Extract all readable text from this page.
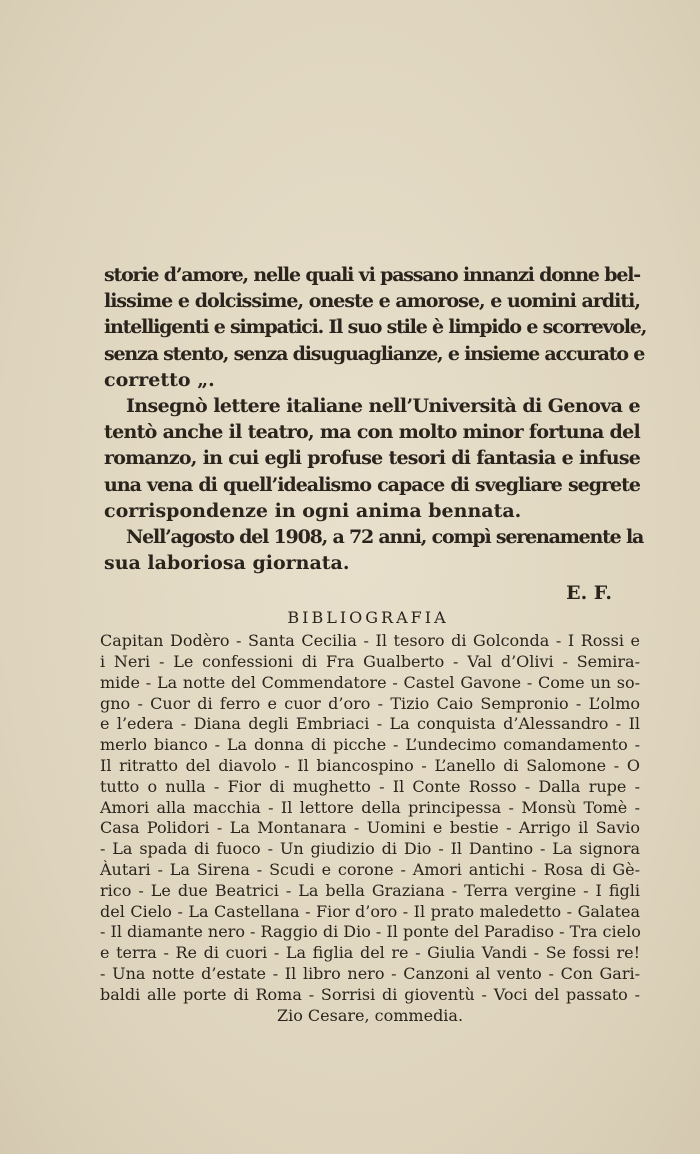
storie d’amore, nelle quali vi passano innanzi donne bel-
lissime e dolcissime, oneste e amorose, e uomini arditi,
intelligenti e simpatici. Il suo stile è limpido e scorrevole,
senza stento, senza disuguaglianze, e insieme accurato e
corretto „.
Insegnò lettere italiane nell’Università di Genova e
tentò anche il teatro, ma con molto minor fortuna del
romanzo, in cui egli profuse tesori di fantasia e infuse
una vena di quell’idealismo capace di svegliare segrete
corrispondenze in ogni anima bennata.
Nell’agosto del 1908, a 72 anni, compì serenamente la
sua laboriosa giornata.
E. F.
BIBLIOGRAFIA
Capitan Dodèro - Santa Cecilia - Il tesoro di Golconda - I Rossi e
i Neri - Le confessioni di Fra Gualberto - Val d’Olivi - Semira-
mide - La notte del Commendatore - Castel Gavone - Come un so-
gno - Cuor di ferro e cuor d’oro - Tizio Caio Sempronio - L’olmo
e l’edera - Diana degli Embriaci - La conquista d’Alessandro - Il
merlo bianco - La donna di picche - L’undecimo comandamento -
Il ritratto del diavolo - Il biancospino - L’anello di Salomone - O
tutto o nulla - Fior di mughetto - Il Conte Rosso - Dalla rupe -
Amori alla macchia - Il lettore della principessa - Monsù Tomè -
Casa Polidori - La Montanara - Uomini e bestie - Arrigo il Savio
- La spada di fuoco - Un giudizio di Dio - Il Dantino - La signora
Àutari - La Sirena - Scudi e corone - Amori antichi - Rosa di Gè-
rico - Le due Beatrici - La bella Graziana - Terra vergine - I figli
del Cielo - La Castellana - Fior d’oro - Il prato maledetto - Galatea
- Il diamante nero - Raggio di Dio - Il ponte del Paradiso - Tra cielo
e terra - Re di cuori - La figlia del re - Giulia Vandi - Se fossi re!
- Una notte d’estate - Il libro nero - Canzoni al vento - Con Gari-
baldi alle porte di Roma - Sorrisi di gioventù - Voci del passato -
Zio Cesare, commedia.
